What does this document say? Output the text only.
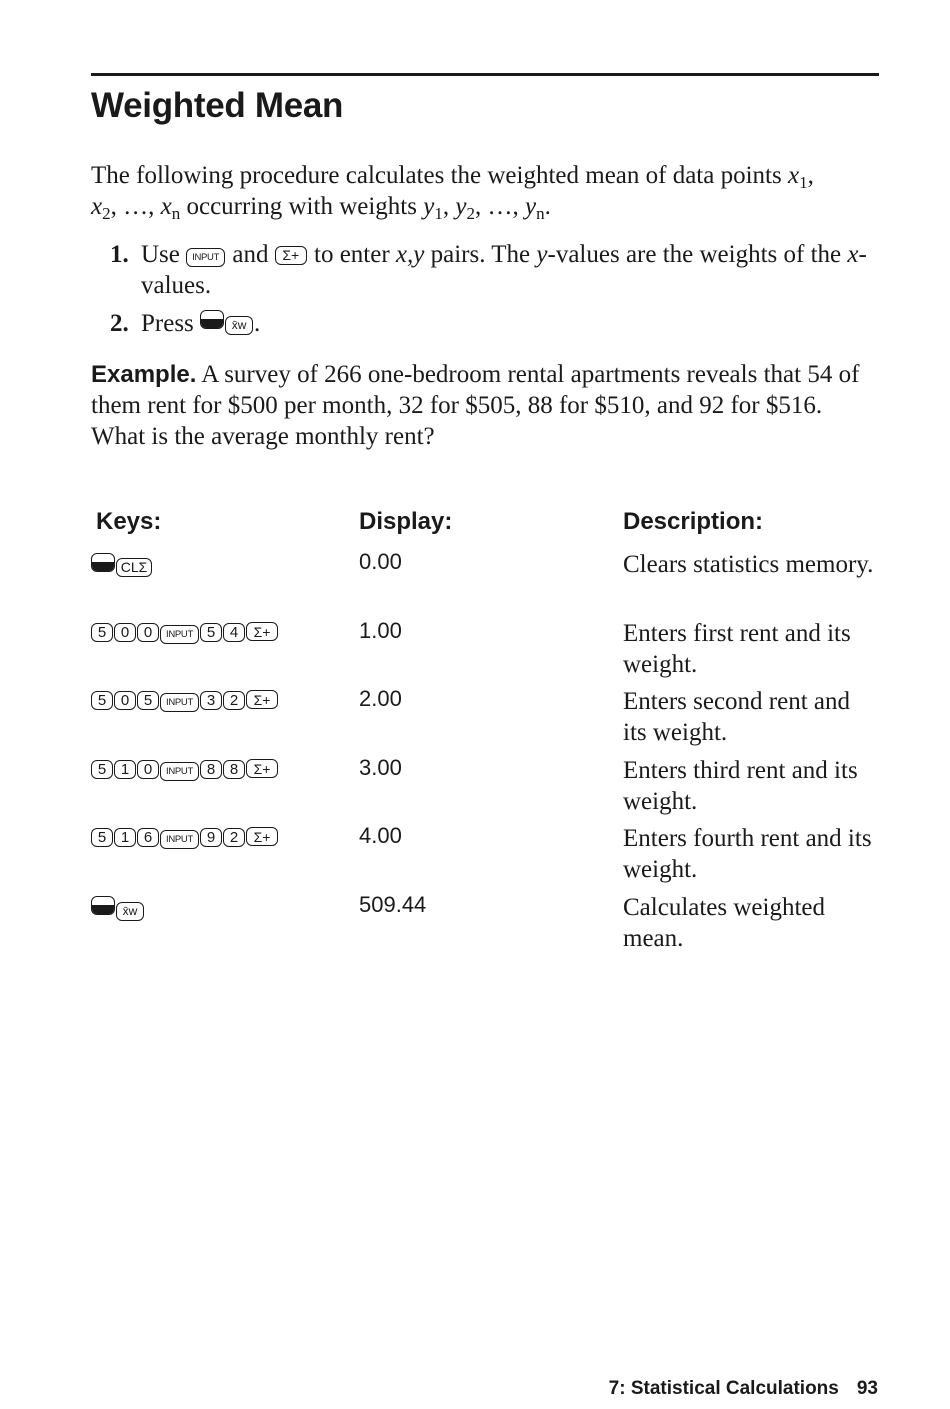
Weighted Mean

The following procedure calculates the weighted mean of data points $x_1$,
$x_2$, …, $x_n$ occurring with weights $y_1$, $y_2$, …, $y_n$.

1. Use INPUT and Σ+ to enter x,y pairs. The y-values are the weights of the x-values.
2. Press	x̄w .

Example. A survey of 266 one-bedroom rental apartments reveals that 54 of them rent for $500 per month, 32 for $505, 88 for $510, and 92 for $516. What is the average monthly rent?

Keys:	Display:	Description:
CLΣ	0.00	Clears statistics memory.
5 0 0 INPUT 5 4 Σ+	1.00	Enters first rent and its weight.
5 0 5 INPUT 3 2 Σ+	2.00	Enters second rent and its weight.
5 1 0 INPUT 8 8 Σ+	3.00	Enters third rent and its weight.
5 1 6 INPUT 9 2 Σ+	4.00	Enters fourth rent and its weight.
x̄w	509.44	Calculates weighted mean.
7: Statistical Calculations 93
